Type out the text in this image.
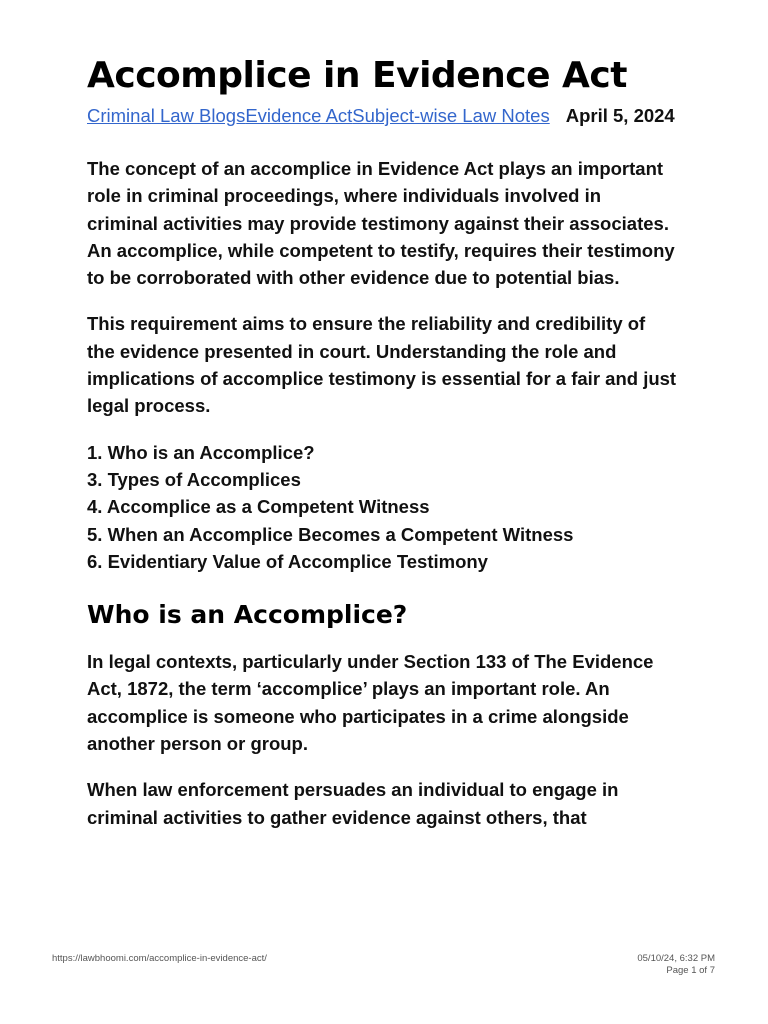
Accomplice in Evidence Act
Criminal Law BlogsEvidence ActSubject-wise Law Notes April 5, 2024

The concept of an accomplice in Evidence Act plays an important role in criminal proceedings, where individuals involved in criminal activities may provide testimony against their associates. An accomplice, while competent to testify, requires their testimony to be corroborated with other evidence due to potential bias.

This requirement aims to ensure the reliability and credibility of the evidence presented in court. Understanding the role and implications of accomplice testimony is essential for a fair and just legal process.

1. Who is an Accomplice?
3. Types of Accomplices
4. Accomplice as a Competent Witness
5. When an Accomplice Becomes a Competent Witness
6. Evidentiary Value of Accomplice Testimony
Who is an Accomplice?

In legal contexts, particularly under Section 133 of The Evidence Act, 1872, the term ‘accomplice’ plays an important role. An accomplice is someone who participates in a crime alongside another person or group.

When law enforcement persuades an individual to engage in criminal activities to gather evidence against others, that

https://lawbhoomi.com/accomplice-in-evidence-act/	05/10/24, 6:32 PM
Page 1 of 7
